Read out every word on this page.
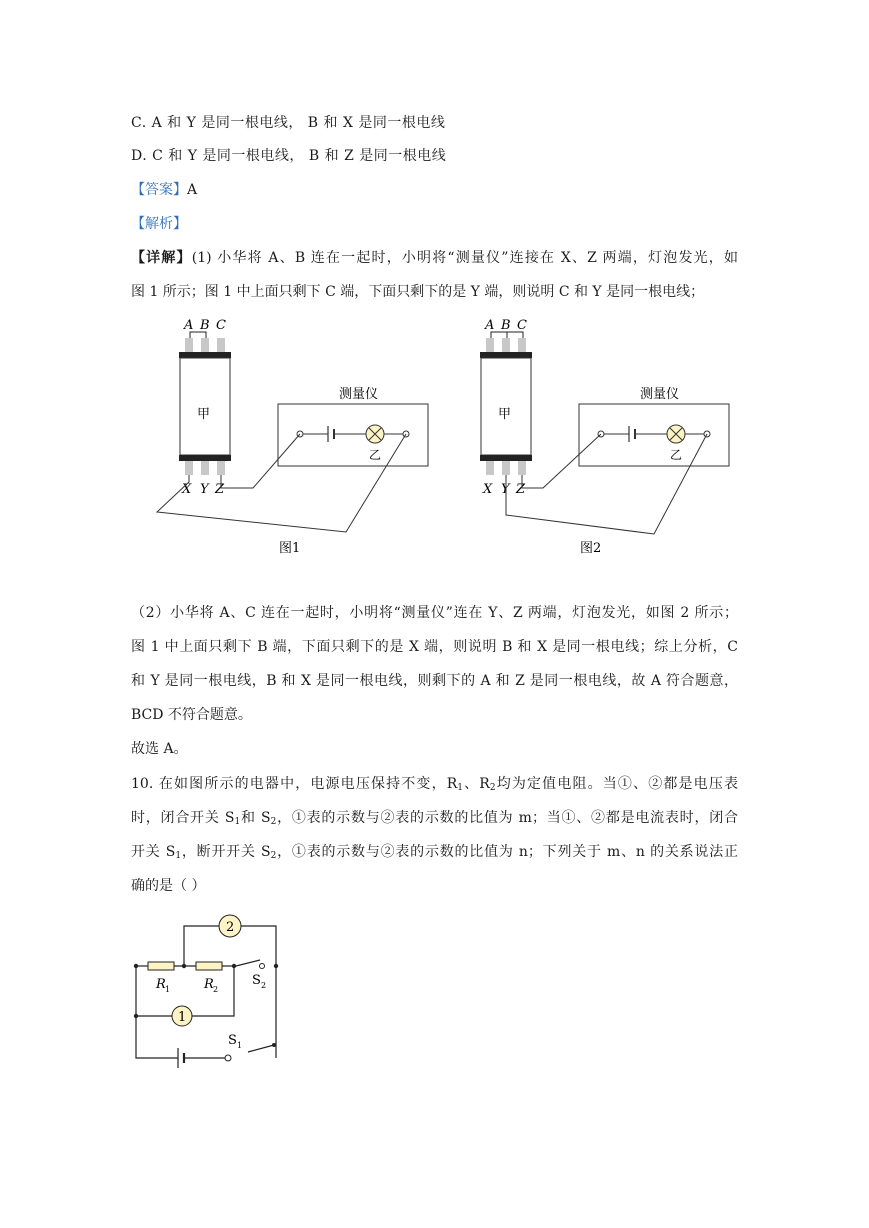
C. A 和 Y 是同一根电线， B 和 X 是同一根电线
D. C 和 Y 是同一根电线， B 和 Z 是同一根电线
【答案】A
【解析】
【详解】(1) 小华将 A、B 连在一起时，小明将“测量仪”连接在 X、Z 两端，灯泡发光，如
图 1 所示；图 1 中上面只剩下 C 端，下面只剩下的是 Y 端，则说明 C 和 Y 是同一根电线；
A B C
甲
X Y Z
测量仪
乙
图1
A B C
甲
X Y Z
测量仪
乙
图2
（2）小华将 A、C 连在一起时，小明将“测量仪”连在 Y、Z 两端，灯泡发光，如图 2 所示；
图 1 中上面只剩下 B 端，下面只剩下的是 X 端，则说明 B 和 X 是同一根电线；综上分析，C
和 Y 是同一根电线，B 和 X 是同一根电线，则剩下的 A 和 Z 是同一根电线，故 A 符合题意，
BCD 不符合题意。
故选 A。
10. 在如图所示的电器中，电源电压保持不变，$R_1$、$R_2$均为定值电阻。当①、②都是电压表
时，闭合开关 $S_1$和 $S_2$，①表的示数与②表的示数的比值为 m；当①、②都是电流表时，闭合
开关 $S_1$，断开开关 $S_2$，①表的示数与②表的示数的比值为 n；下列关于 m、n 的关系说法正
确的是（ ）
2
1
R 1	R 2
S 2
S 1
